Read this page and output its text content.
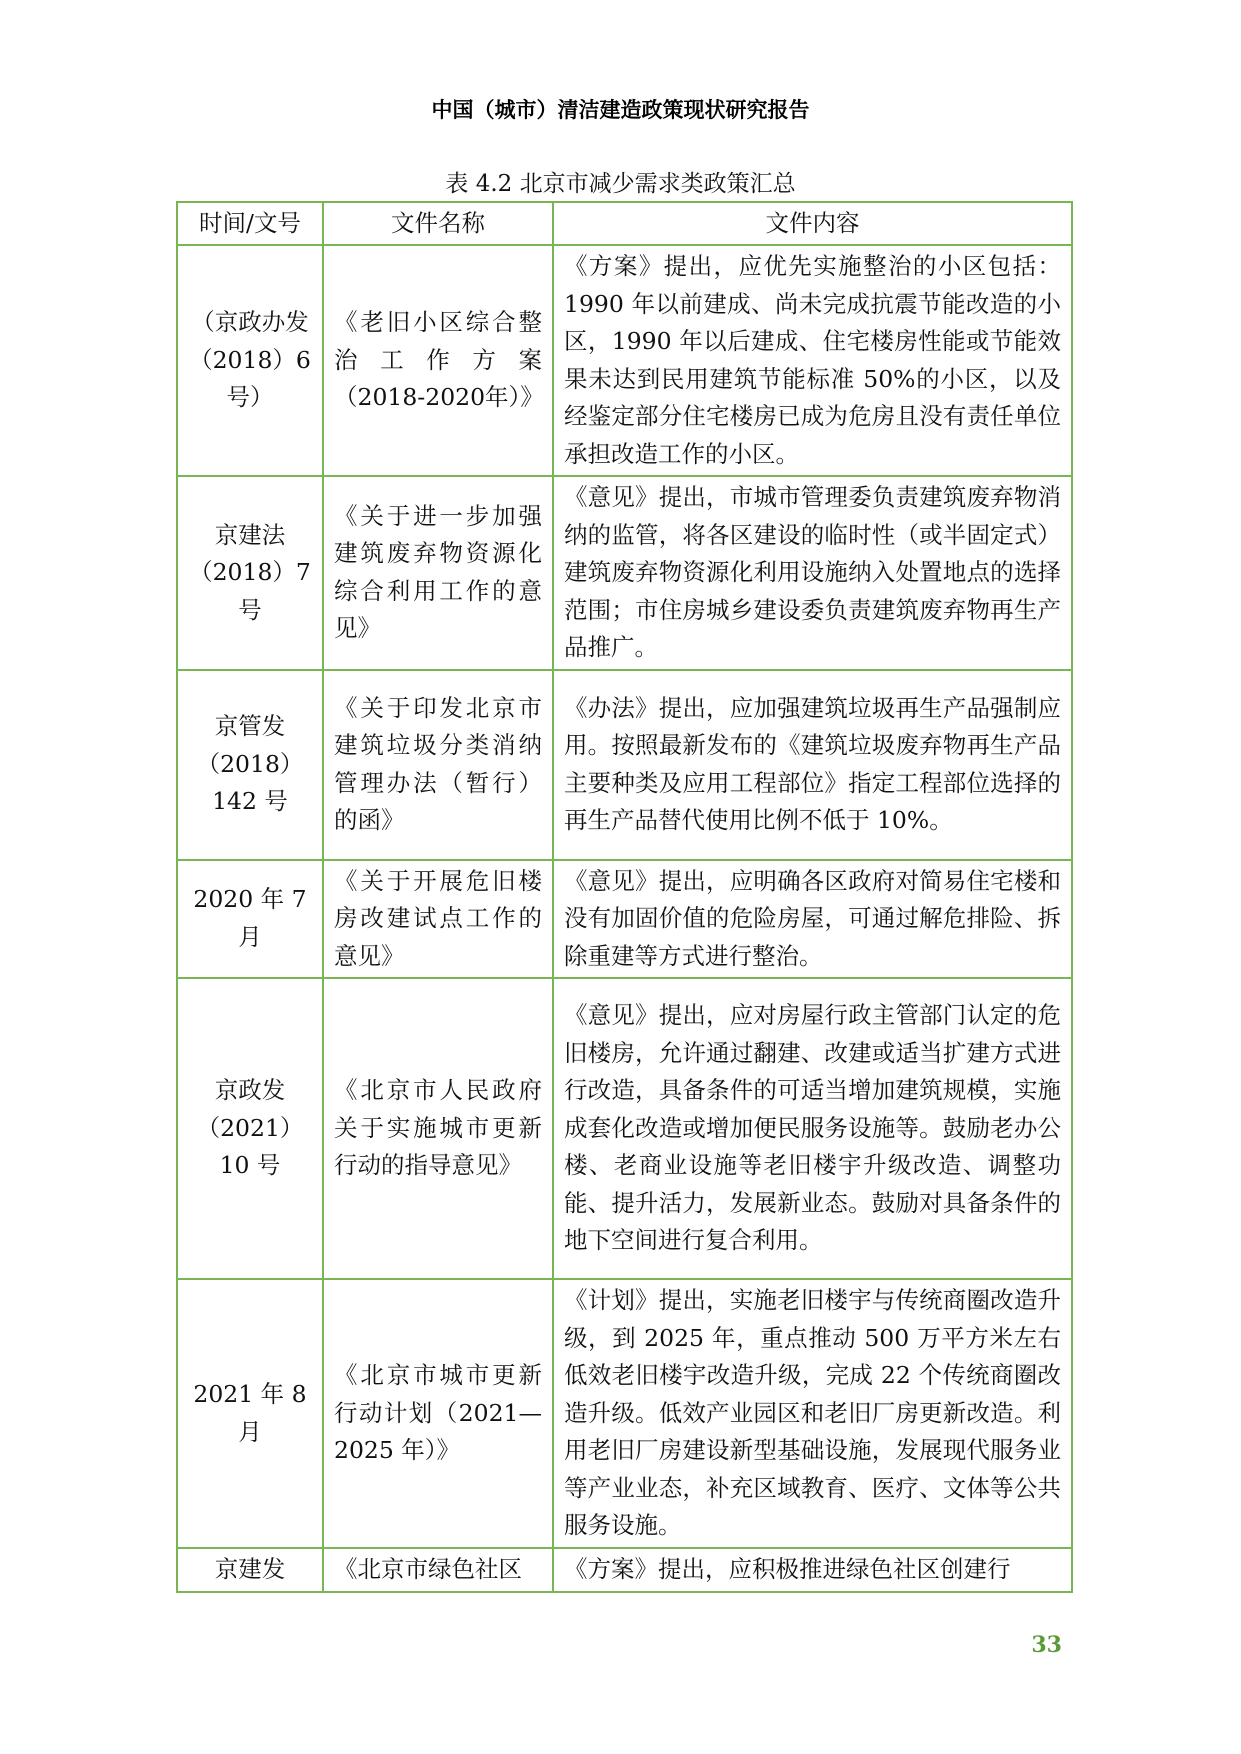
中国（城市）清洁建造政策现状研究报告
表 4.2 北京市减少需求类政策汇总
时间/文号	文件名称	文件内容
（京政办发（2018）6号）	《老旧小区综合整治工作方案（2018-2020年）》	《方案》提出，应优先实施整治的小区包括：1990 年以前建成、尚未完成抗震节能改造的小区，1990 年以后建成、住宅楼房性能或节能效果未达到民用建筑节能标准 50%的小区，以及经鉴定部分住宅楼房已成为危房且没有责任单位承担改造工作的小区。
京建法（2018）7号	《关于进一步加强建筑废弃物资源化综合利用工作的意见》	《意见》提出，市城市管理委负责建筑废弃物消纳的监管，将各区建设的临时性（或半固定式）建筑废弃物资源化利用设施纳入处置地点的选择范围；市住房城乡建设委负责建筑废弃物再生产品推广。
京管发（2018）142 号	《关于印发北京市建筑垃圾分类消纳管理办法（暂行）的函》	《办法》提出，应加强建筑垃圾再生产品强制应用。按照最新发布的《建筑垃圾废弃物再生产品主要种类及应用工程部位》指定工程部位选择的再生产品替代使用比例不低于 10%。
2020 年 7 月	《关于开展危旧楼房改建试点工作的意见》	《意见》提出，应明确各区政府对简易住宅楼和没有加固价值的危险房屋，可通过解危排险、拆除重建等方式进行整治。
京政发（2021）10 号	《北京市人民政府关于实施城市更新行动的指导意见》	《意见》提出，应对房屋行政主管部门认定的危旧楼房，允许通过翻建、改建或适当扩建方式进行改造，具备条件的可适当增加建筑规模，实施成套化改造或增加便民服务设施等。鼓励老办公楼、老商业设施等老旧楼宇升级改造、调整功能、提升活力，发展新业态。鼓励对具备条件的地下空间进行复合利用。
2021 年 8 月	《北京市城市更新行动计划（2021—2025 年）》	《计划》提出，实施老旧楼宇与传统商圈改造升级，到 2025 年，重点推动 500 万平方米左右低效老旧楼宇改造升级，完成 22 个传统商圈改造升级。低效产业园区和老旧厂房更新改造。利用老旧厂房建设新型基础设施，发展现代服务业等产业业态，补充区域教育、医疗、文体等公共服务设施。
京建发	《北京市绿色社区	《方案》提出，应积极推进绿色社区创建行
33
